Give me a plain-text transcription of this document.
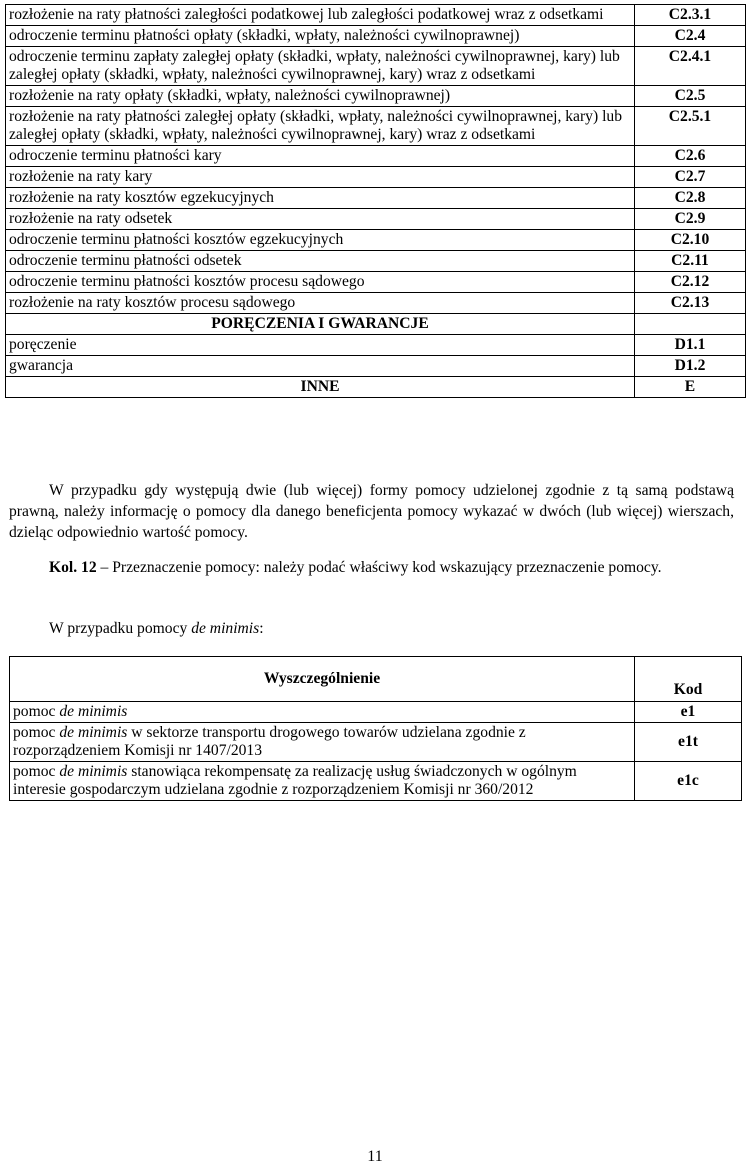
rozłożenie na raty płatności zaległości podatkowej lub zaległości podatkowej wraz z odsetkami	C2.3.1
odroczenie terminu płatności opłaty (składki, wpłaty, należności cywilnoprawnej)	C2.4
odroczenie terminu zapłaty zaległej opłaty (składki, wpłaty, należności cywilnoprawnej, kary) lub zaległej opłaty (składki, wpłaty, należności cywilnoprawnej, kary) wraz z odsetkami	C2.4.1
rozłożenie na raty opłaty (składki, wpłaty, należności cywilnoprawnej)	C2.5
rozłożenie na raty płatności zaległej opłaty (składki, wpłaty, należności cywilnoprawnej, kary) lub zaległej opłaty (składki, wpłaty, należności cywilnoprawnej, kary) wraz z odsetkami	C2.5.1
odroczenie terminu płatności kary	C2.6
rozłożenie na raty kary	C2.7
rozłożenie na raty kosztów egzekucyjnych	C2.8
rozłożenie na raty odsetek	C2.9
odroczenie terminu płatności kosztów egzekucyjnych	C2.10
odroczenie terminu płatności odsetek	C2.11
odroczenie terminu płatności kosztów procesu sądowego	C2.12
rozłożenie na raty kosztów procesu sądowego	C2.13
PORĘCZENIA I GWARANCJE	
poręczenie	D1.1
gwarancja	D1.2
INNE	E

W przypadku gdy występują dwie (lub więcej) formy pomocy udzielonej zgodnie z tą samą podstawą prawną, należy informację o pomocy dla danego beneficjenta pomocy wykazać w dwóch (lub więcej) wierszach, dzieląc odpowiednio wartość pomocy.

Kol. 12 – Przeznaczenie pomocy: należy podać właściwy kod wskazujący przeznaczenie pomocy.

W przypadku pomocy de minimis:

Wyszczególnienie	Kod
pomoc de minimis	e1
pomoc de minimis w sektorze transportu drogowego towarów udzielana zgodnie z rozporządzeniem Komisji nr 1407/2013	e1t
pomoc de minimis stanowiąca rekompensatę za realizację usług świadczonych w ogólnym interesie gospodarczym udzielana zgodnie z rozporządzeniem Komisji nr 360/2012	e1c
11
